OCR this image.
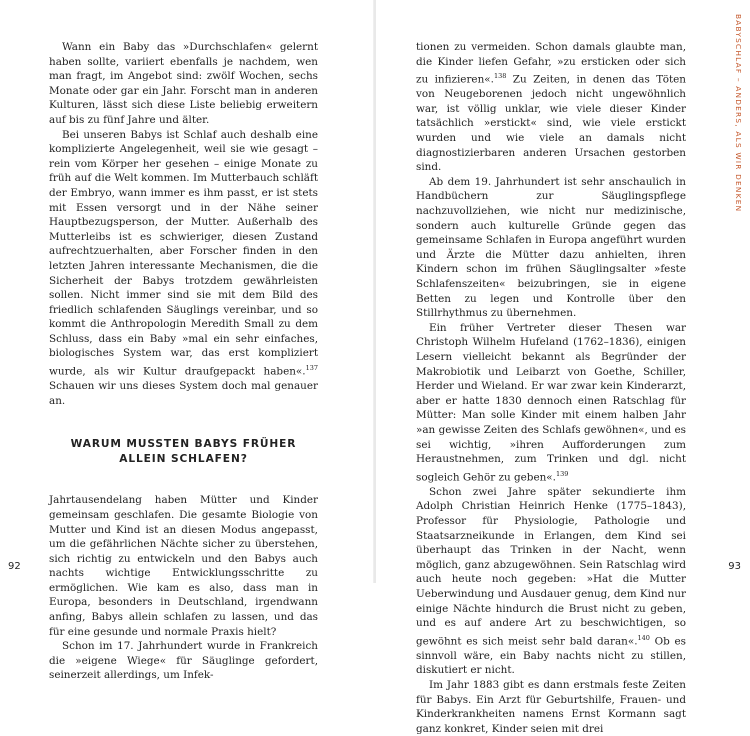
Wann ein Baby das »Durchschlafen« gelernt haben sollte, variiert ebenfalls je nachdem, wen man fragt, im Angebot sind: zwölf Wochen, sechs Monate oder gar ein Jahr. Forscht man in anderen Kulturen, lässt sich diese Liste beliebig erweitern auf bis zu fünf Jahre und älter.

Bei unseren Babys ist Schlaf auch deshalb eine komplizierte Angelegenheit, weil sie wie gesagt – rein vom Körper her gesehen – einige Monate zu früh auf die Welt kommen. Im Mutterbauch schläft der Embryo, wann immer es ihm passt, er ist stets mit Essen versorgt und in der Nähe seiner Hauptbezugsperson, der Mutter. Außerhalb des Mutterleibs ist es schwieriger, diesen Zustand aufrechtzuerhalten, aber Forscher finden in den letzten Jahren interessante Mechanismen, die die Sicherheit der Babys trotzdem gewährleisten sollen. Nicht immer sind sie mit dem Bild des friedlich schlafenden Säuglings vereinbar, und so kommt die Anthropologin Meredith Small zu dem Schluss, dass ein Baby »mal ein sehr einfaches, biologisches System war, das erst kompliziert wurde, als wir Kultur draufgepackt haben«.$^{137}$ Schauen wir uns dieses System doch mal genauer an.

WARUM MUSSTEN BABYS FRÜHER
ALLEIN SCHLAFEN?

Jahrtausendelang haben Mütter und Kinder gemeinsam geschlafen. Die gesamte Biologie von Mutter und Kind ist an diesen Modus angepasst, um die gefährlichen Nächte sicher zu überstehen, sich richtig zu entwickeln und den Babys auch nachts wichtige Entwicklungsschritte zu ermöglichen. Wie kam es also, dass man in Europa, besonders in Deutschland, irgendwann anfing, Babys allein schlafen zu lassen, und das für eine gesunde und normale Praxis hielt?

Schon im 17. Jahrhundert wurde in Frankreich die »eigene Wiege« für Säuglinge gefordert, seinerzeit allerdings, um Infek-

92

tionen zu vermeiden. Schon damals glaubte man, die Kinder liefen Gefahr, »zu ersticken oder sich zu infizieren«.$^{138}$ Zu Zeiten, in denen das Töten von Neugeborenen jedoch nicht ungewöhnlich war, ist völlig unklar, wie viele dieser Kinder tatsächlich »erstickt« sind, wie viele erstickt wurden und wie viele an damals nicht diagnostizierbaren anderen Ursachen gestorben sind.

Ab dem 19. Jahrhundert ist sehr anschaulich in Handbüchern zur Säuglingspflege nachzuvollziehen, wie nicht nur medizinische, sondern auch kulturelle Gründe gegen das gemeinsame Schlafen in Europa angeführt wurden und Ärzte die Mütter dazu anhielten, ihren Kindern schon im frühen Säuglingsalter »feste Schlafenszeiten« beizubringen, sie in eigene Betten zu legen und Kontrolle über den Stillrhythmus zu übernehmen.

Ein früher Vertreter dieser Thesen war Christoph Wilhelm Hufeland (1762–1836), einigen Lesern vielleicht bekannt als Begründer der Makrobiotik und Leibarzt von Goethe, Schiller, Herder und Wieland. Er war zwar kein Kinderarzt, aber er hatte 1830 dennoch einen Ratschlag für Mütter: Man solle Kinder mit einem halben Jahr »an gewisse Zeiten des Schlafs gewöhnen«, und es sei wichtig, »ihren Aufforderungen zum Heraustnehmen, zum Trinken und dgl. nicht sogleich Gehör zu geben«.$^{139}$

Schon zwei Jahre später sekundierte ihm Adolph Christian Heinrich Henke (1775–1843), Professor für Physiologie, Pathologie und Staatsarzneikunde in Erlangen, dem Kind sei überhaupt das Trinken in der Nacht, wenn möglich, ganz abzugewöhnen. Sein Ratschlag wird auch heute noch gegeben: »Hat die Mutter Ueberwindung und Ausdauer genug, dem Kind nur einige Nächte hindurch die Brust nicht zu geben, und es auf andere Art zu beschwichtigen, so gewöhnt es sich meist sehr bald daran«.$^{140}$ Ob es sinnvoll wäre, ein Baby nachts nicht zu stillen, diskutiert er nicht.

Im Jahr 1883 gibt es dann erstmals feste Zeiten für Babys. Ein Arzt für Geburtshilfe, Frauen- und Kinderkrankheiten namens Ernst Kormann sagt ganz konkret, Kinder seien mit drei

BABYSCHLAF – ANDERS, ALS WIR DENKEN
93
